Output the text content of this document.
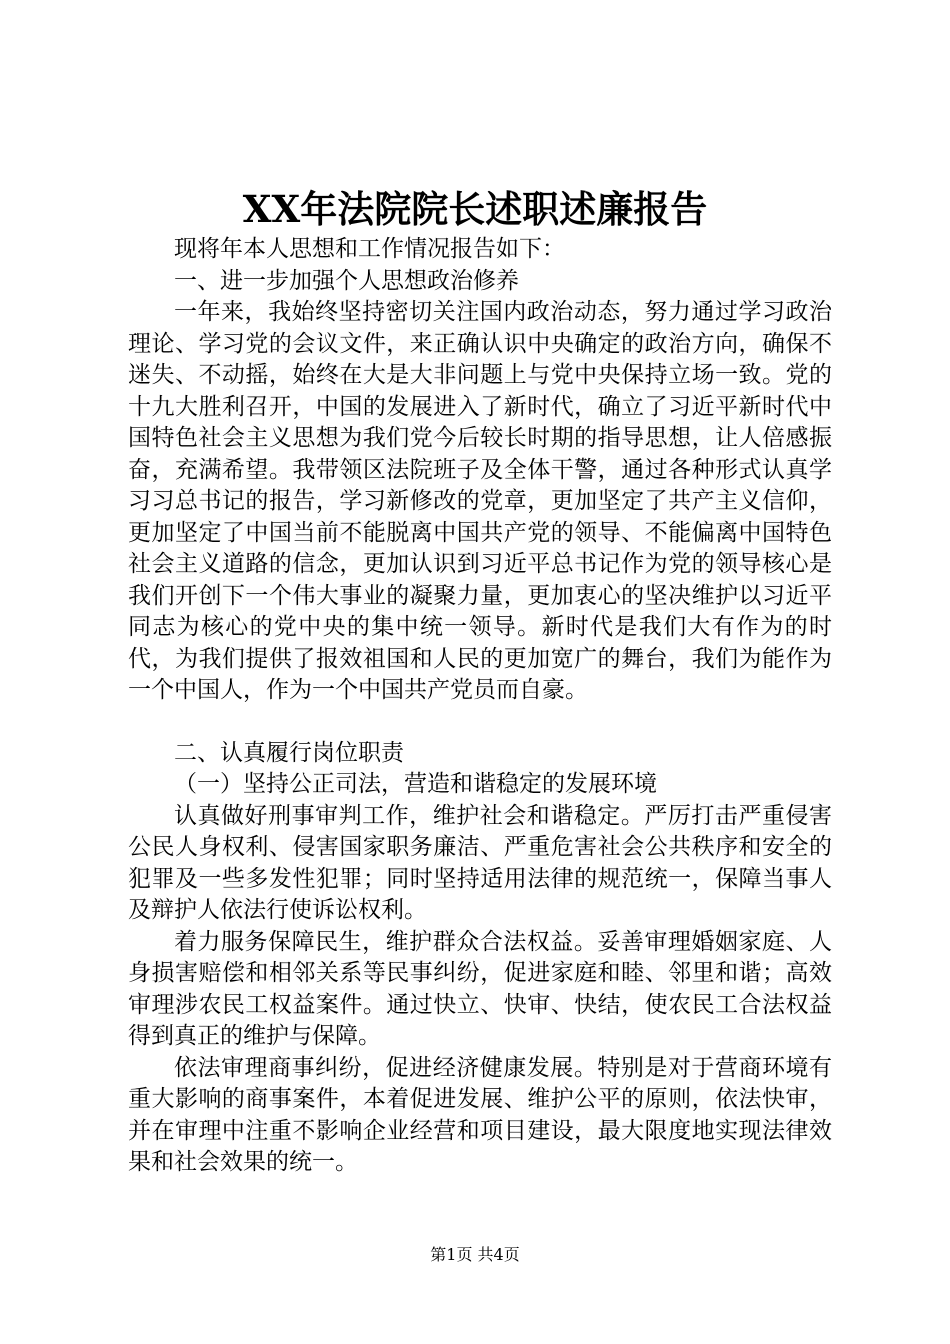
XX年法院院长述职述廉报告

现将年本人思想和工作情况报告如下：

一、进一步加强个人思想政治修养

一年来，我始终坚持密切关注国内政治动态，努力通过学习政治理论、学习党的会议文件，来正确认识中央确定的政治方向，确保不迷失、不动摇，始终在大是大非问题上与党中央保持立场一致。党的十九大胜利召开，中国的发展进入了新时代，确立了习近平新时代中国特色社会主义思想为我们党今后较长时期的指导思想，让人倍感振奋，充满希望。我带领区法院班子及全体干警，通过各种形式认真学习习总书记的报告，学习新修改的党章，更加坚定了共产主义信仰，更加坚定了中国当前不能脱离中国共产党的领导、不能偏离中国特色社会主义道路的信念，更加认识到习近平总书记作为党的领导核心是我们开创下一个伟大事业的凝聚力量，更加衷心的坚决维护以习近平同志为核心的党中央的集中统一领导。新时代是我们大有作为的时代，为我们提供了报效祖国和人民的更加宽广的舞台，我们为能作为一个中国人，作为一个中国共产党员而自豪。

二、认真履行岗位职责

（一）坚持公正司法，营造和谐稳定的发展环境

认真做好刑事审判工作，维护社会和谐稳定。严厉打击严重侵害公民人身权利、侵害国家职务廉洁、严重危害社会公共秩序和安全的犯罪及一些多发性犯罪；同时坚持适用法律的规范统一，保障当事人及辩护人依法行使诉讼权利。

着力服务保障民生，维护群众合法权益。妥善审理婚姻家庭、人身损害赔偿和相邻关系等民事纠纷，促进家庭和睦、邻里和谐；高效审理涉农民工权益案件。通过快立、快审、快结，使农民工合法权益得到真正的维护与保障。

依法审理商事纠纷，促进经济健康发展。特别是对于营商环境有重大影响的商事案件，本着促进发展、维护公平的原则，依法快审，并在审理中注重不影响企业经营和项目建设，最大限度地实现法律效果和社会效果的统一。

第1页 共4页
